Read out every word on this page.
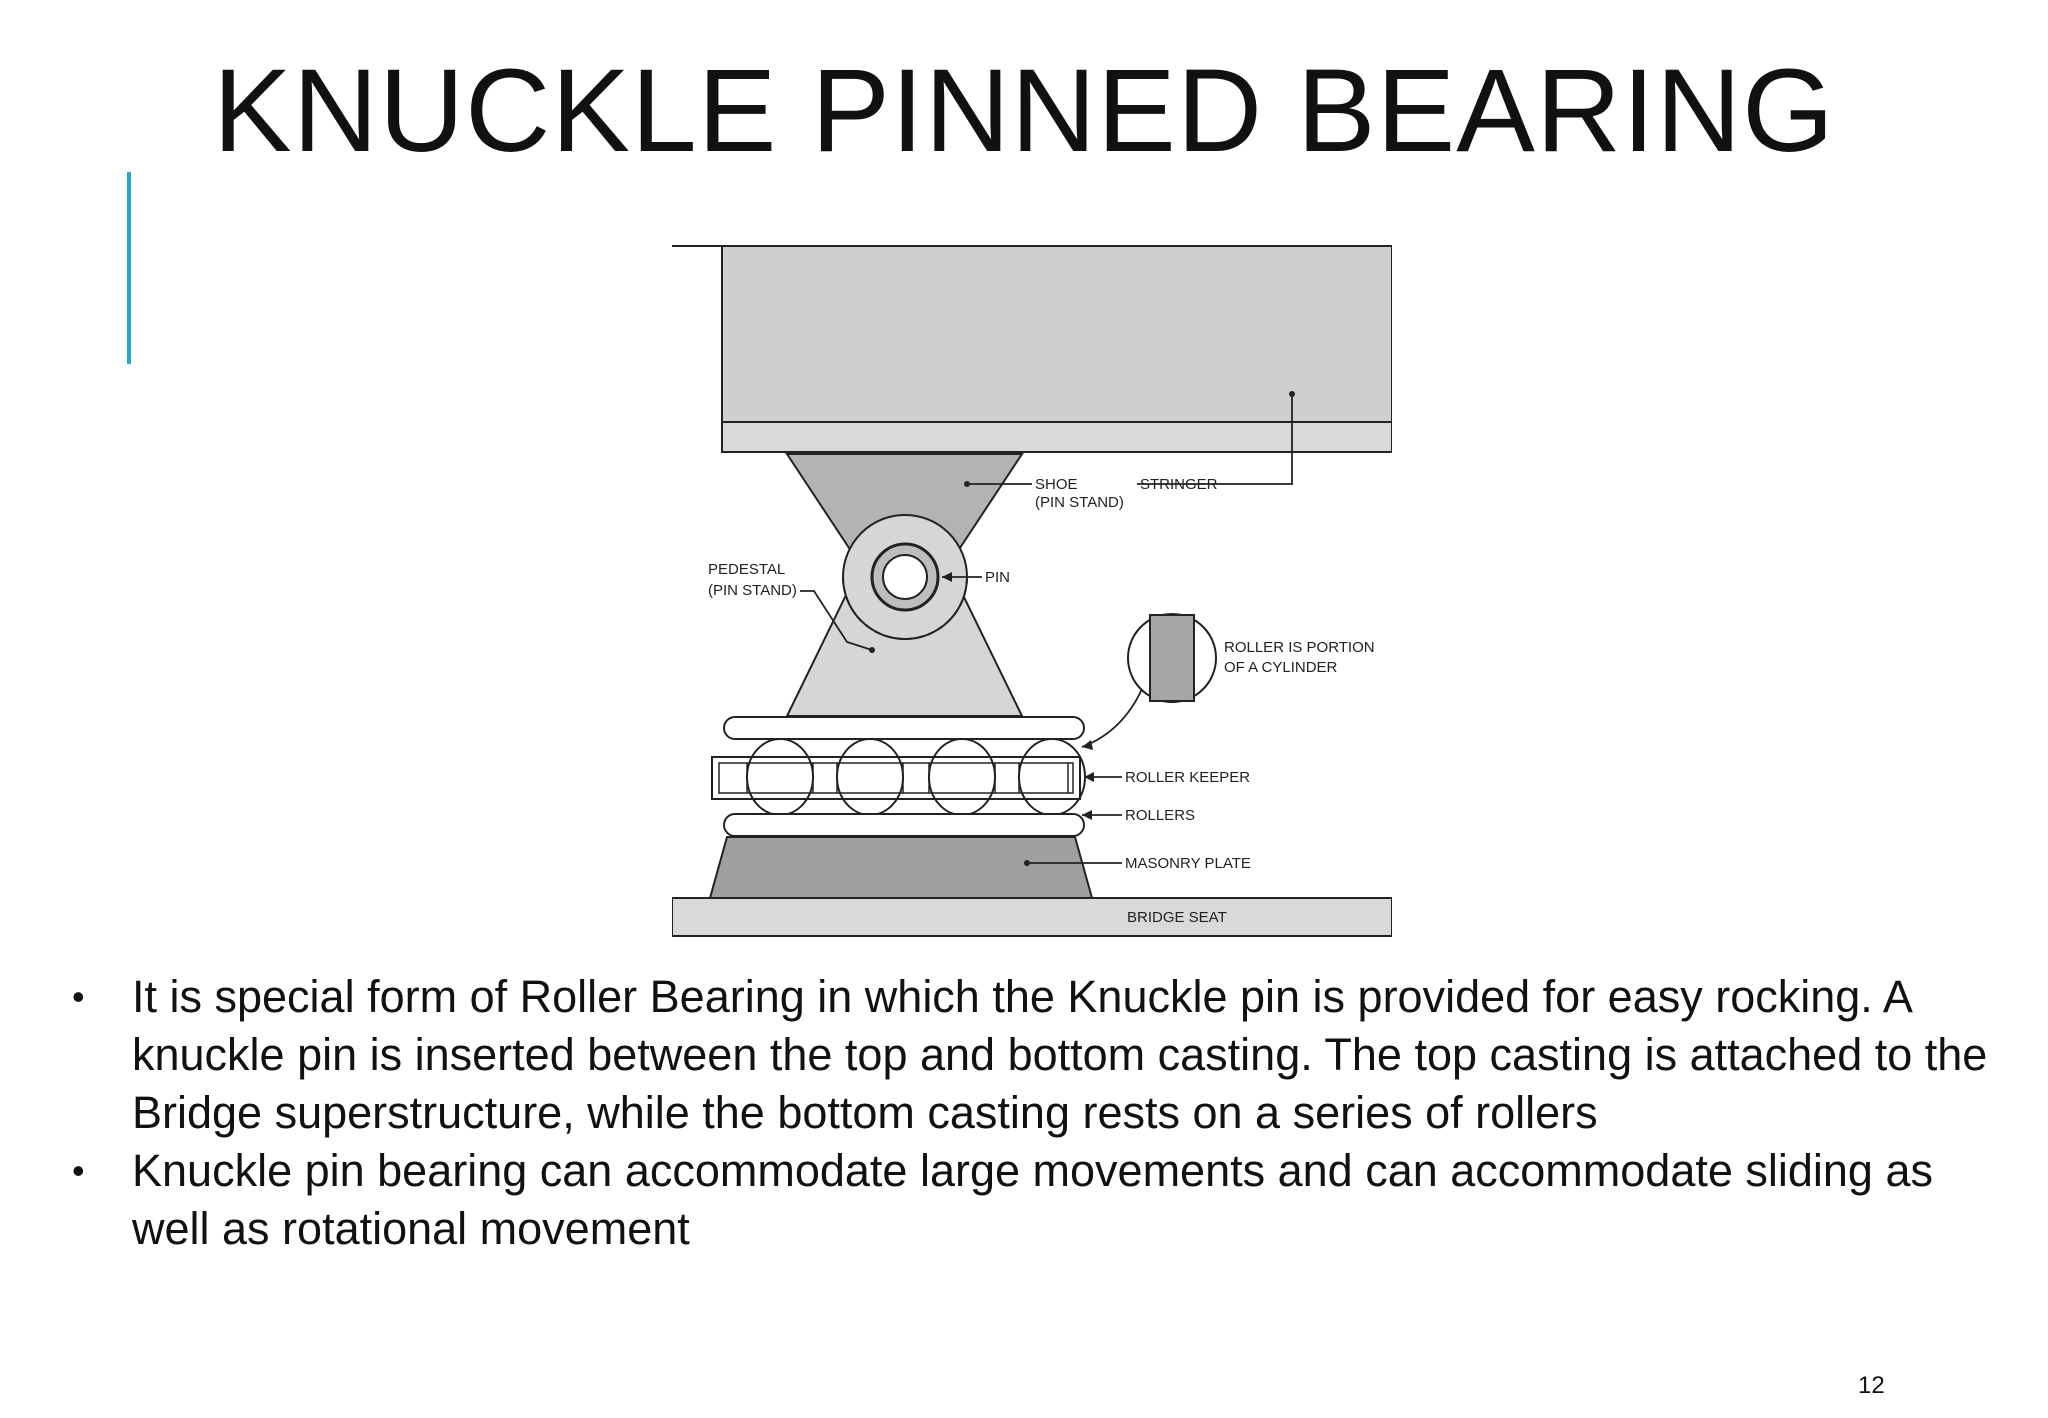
KNUCKLE PINNED BEARING
SHOE
(PIN STAND)
STRINGER
PEDESTAL
(PIN STAND)
PIN
ROLLER IS PORTION
OF A CYLINDER
ROLLER KEEPER
ROLLERS
MASONRY PLATE
BRIDGE SEAT
• It is special form of Roller Bearing in which the Knuckle pin is provided for easy rocking. A knuckle pin is inserted between the top and bottom casting. The top casting is attached to the Bridge superstructure, while the bottom casting rests on a series of rollers
• Knuckle pin bearing can accommodate large movements and can accommodate sliding as well as rotational movement
12
